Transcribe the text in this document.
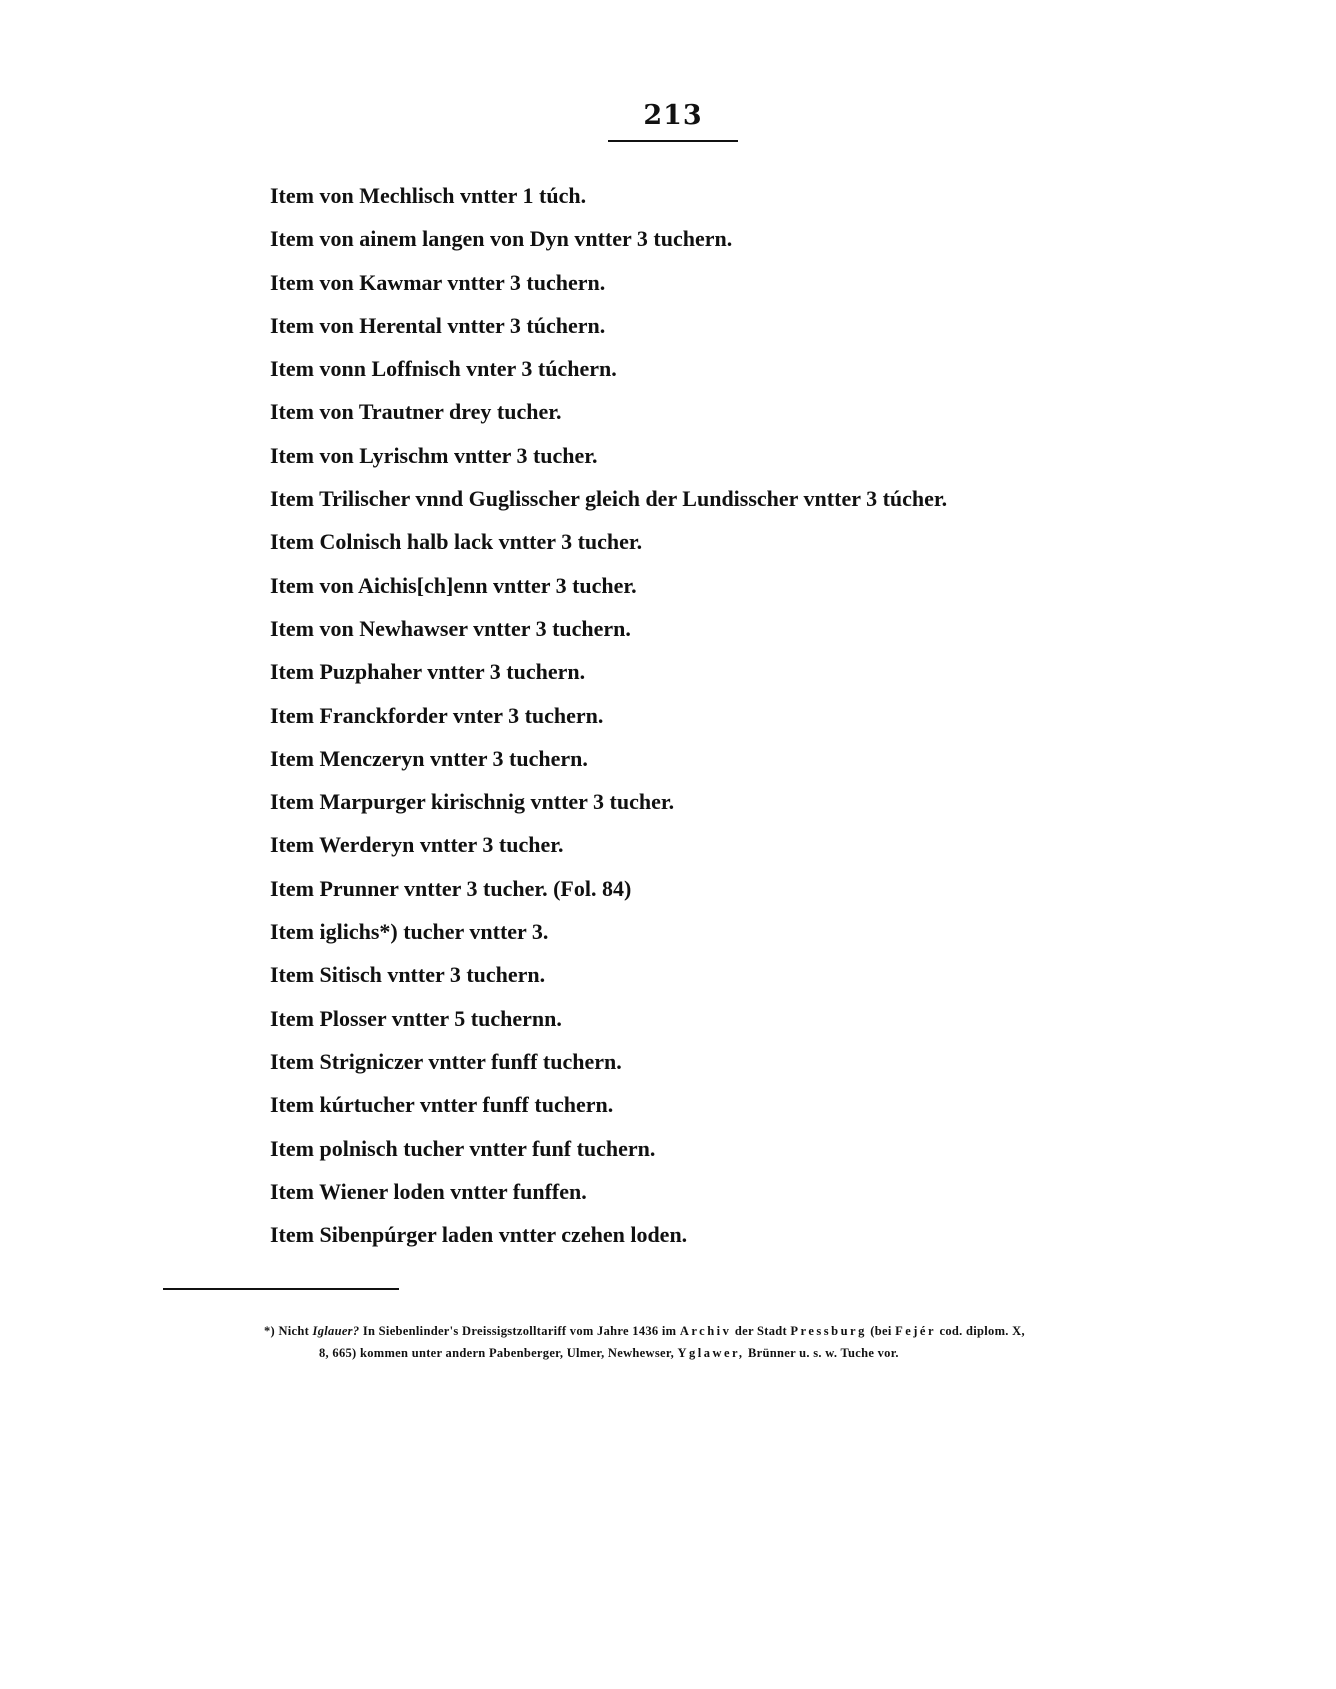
213
Item von Mechlisch vntter 1 túch.
Item von ainem langen von Dyn vntter 3 tuchern.
Item von Kawmar vntter 3 tuchern.
Item von Herental vntter 3 túchern.
Item vonn Loffnisch vnter 3 túchern.
Item von Trautner drey tucher.
Item von Lyrischm vntter 3 tucher.
Item Trilischer vnnd Guglisscher gleich der Lundisscher vntter 3 túcher.
Item Colnisch halb lack vntter 3 tucher.
Item von Aichis[ch]enn vntter 3 tucher.
Item von Newhawser vntter 3 tuchern.
Item Puzphaher vntter 3 tuchern.
Item Franckforder vnter 3 tuchern.
Item Menczeryn vntter 3 tuchern.
Item Marpurger kirischnig vntter 3 tucher.
Item Werderyn vntter 3 tucher.
Item Prunner vntter 3 tucher. (Fol. 84)
Item iglichs*) tucher vntter 3.
Item Sitisch vntter 3 tuchern.
Item Plosser vntter 5 tuchernn.
Item Strigniczer vntter funff tuchern.
Item kúrtucher vntter funff tuchern.
Item polnisch tucher vntter funf tuchern.
Item Wiener loden vntter funffen.
Item Sibenpúrger laden vntter czehen loden.
*) Nicht Iglauer? In Siebenlinder's Dreissigstzolltariff vom Jahre 1436 im Archiv der Stadt Pressburg (bei Fejér cod. diplom. X,
8, 665) kommen unter andern Pabenberger, Ulmer, Newhewser, Yglawer, Brünner u. s. w. Tuche vor.
